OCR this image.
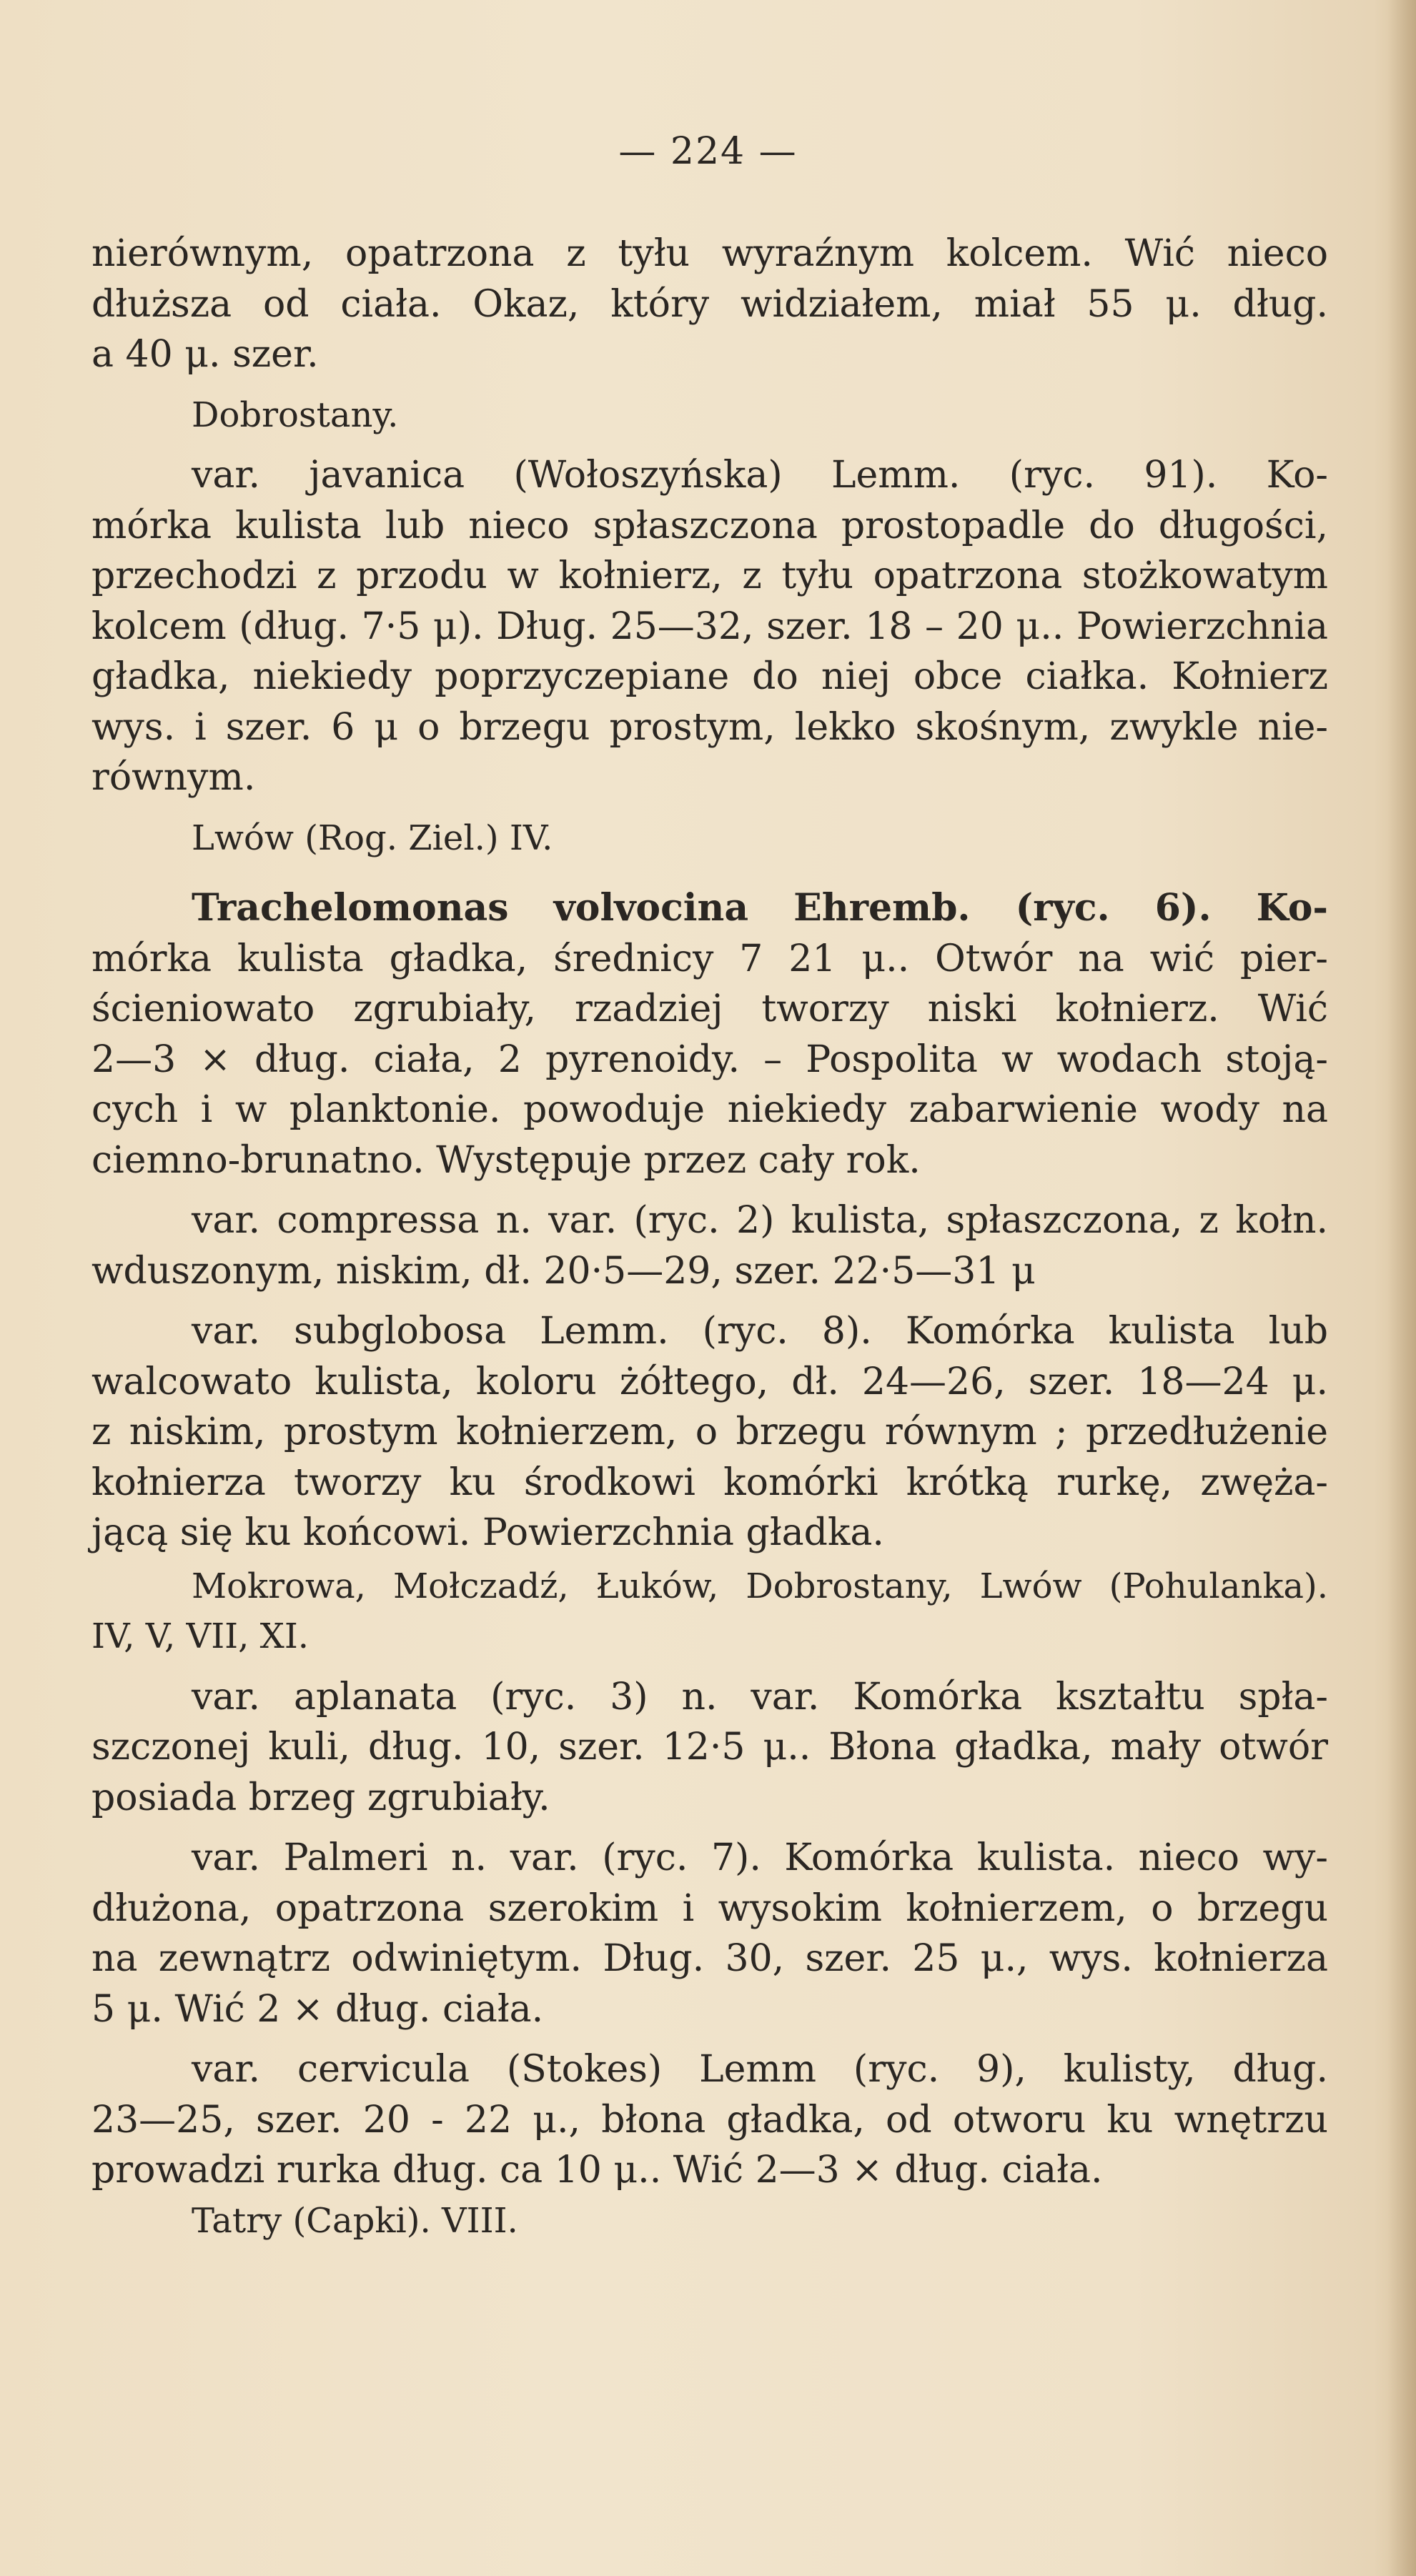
— 224 —

nierównym, opatrzona z tyłu wyraźnym kolcem. Wić nieco
dłuższa od ciała. Okaz, który widziałem, miał 55 μ. dług.
a 40 μ. szer.

Dobrostany.

var. javanica (Wołoszyńska) Lemm. (ryc. 91). Ko-
mórka kulista lub nieco spłaszczona prostopadle do długości,
przechodzi z przodu w kołnierz, z tyłu opatrzona stożkowatym
kolcem (dług. 7·5 μ). Dług. 25—32, szer. 18 – 20 μ.. Powierzchnia
gładka, niekiedy poprzyczepiane do niej obce ciałka. Kołnierz
wys. i szer. 6 μ o brzegu prostym, lekko skośnym, zwykle nie-
równym.

Lwów (Rog. Ziel.) IV.

Trachelomonas volvocina Ehremb. (ryc. 6). Ko-
mórka kulista gładka, średnicy 7 21 μ.. Otwór na wić pier-
ścieniowato zgrubiały, rzadziej tworzy niski kołnierz. Wić
2—3 × dług. ciała, 2 pyrenoidy. – Pospolita w wodach stoją-
cych i w planktonie. powoduje niekiedy zabarwienie wody na
ciemno-brunatno. Występuje przez cały rok.

var. compressa n. var. (ryc. 2) kulista, spłaszczona, z kołn.
wduszonym, niskim, dł. 20·5—29, szer. 22·5—31 μ

var. subglobosa Lemm. (ryc. 8). Komórka kulista lub
walcowato kulista, koloru żółtego, dł. 24—26, szer. 18—24 μ.
z niskim, prostym kołnierzem, o brzegu równym ; przedłużenie
kołnierza tworzy ku środkowi komórki krótką rurkę, zwęża-
jącą się ku końcowi. Powierzchnia gładka.

Mokrowa, Mołczadź, Łuków, Dobrostany, Lwów (Pohulanka).
IV, V, VII, XI.

var. aplanata (ryc. 3) n. var. Komórka kształtu spła-
szczonej kuli, dług. 10, szer. 12·5 μ.. Błona gładka, mały otwór
posiada brzeg zgrubiały.

var. Palmeri n. var. (ryc. 7). Komórka kulista. nieco wy-
dłużona, opatrzona szerokim i wysokim kołnierzem, o brzegu
na zewnątrz odwiniętym. Dług. 30, szer. 25 μ., wys. kołnierza
5 μ. Wić 2 × dług. ciała.

var. cervicula (Stokes) Lemm (ryc. 9), kulisty, dług.
23—25, szer. 20 - 22 μ., błona gładka, od otworu ku wnętrzu
prowadzi rurka dług. ca 10 μ.. Wić 2—3 × dług. ciała.

Tatry (Capki). VIII.
